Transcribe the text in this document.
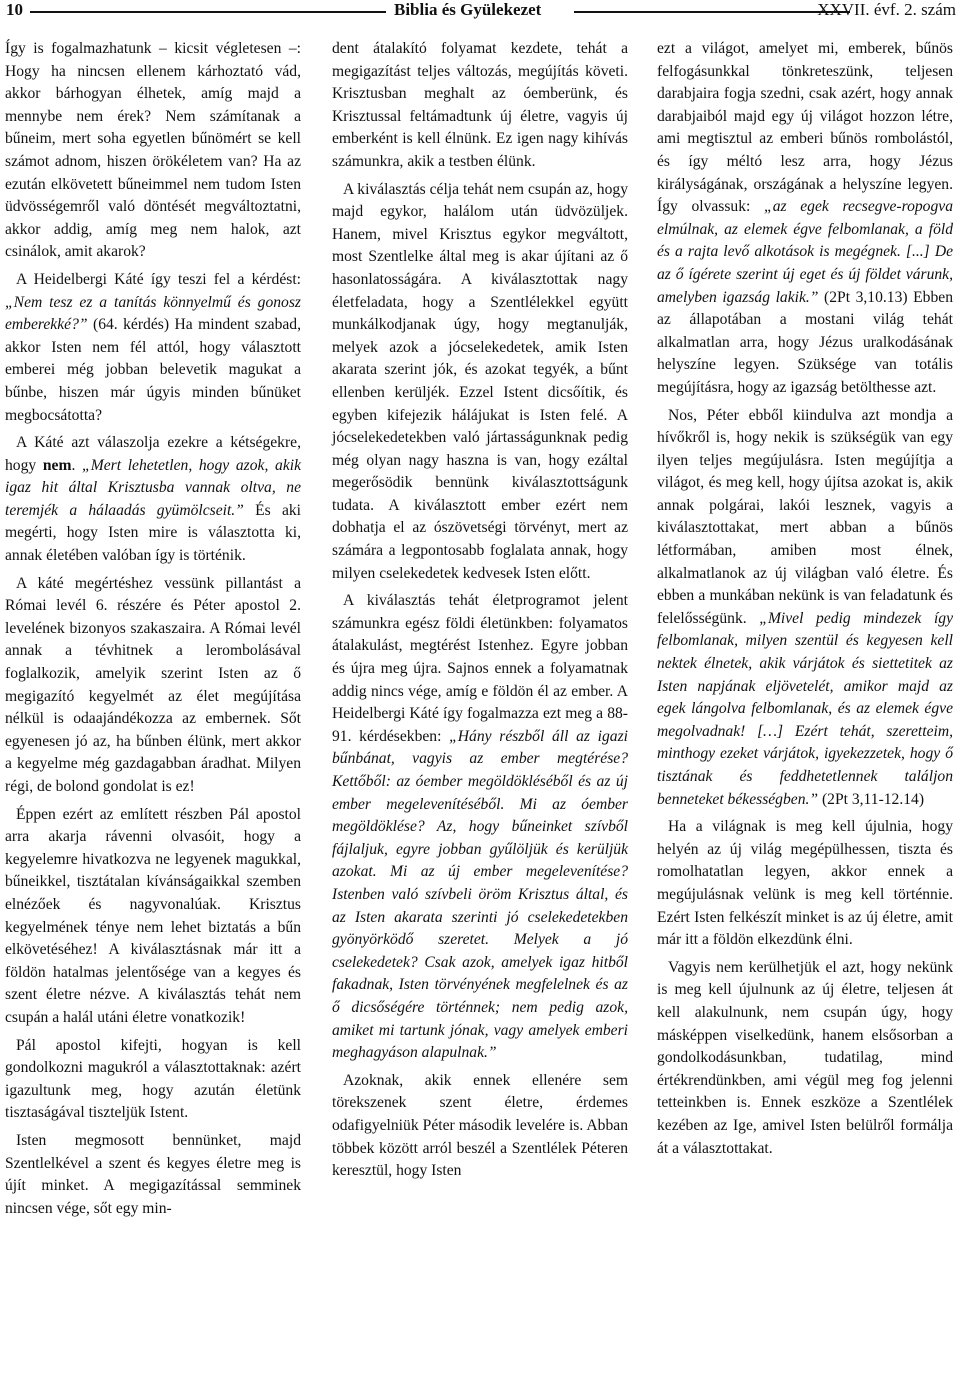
10	Biblia és Gyülekezet	XXVII. évf. 2. szám

Így is fogalmazhatunk – kicsit végletesen –: Hogy ha nincsen ellenem kárhoztató vád, akkor bárhogyan élhetek, amíg majd a mennybe nem érek? Nem számítanak a bűneim, mert soha egyetlen bűnömért se kell számot adnom, hiszen örökéletem van? Ha az ezután elkövetett bűneimmel nem tudom Isten üdvösségemről való döntését megváltoztatni, akkor addig, amíg meg nem halok, azt csinálok, amit akarok?

A Heidelbergi Káté így teszi fel a kérdést: „Nem tesz ez a tanítás könnyelmű és gonosz emberekké?” (64. kérdés) Ha mindent szabad, akkor Isten nem fél attól, hogy választott emberei még jobban belevetik magukat a bűnbe, hiszen már úgyis minden bűnüket megbocsátotta?

A Káté azt válaszolja ezekre a kétségekre, hogy nem. „Mert lehetetlen, hogy azok, akik igaz hit által Krisztusba vannak oltva, ne teremjék a hálaadás gyümölcseit.” És aki megérti, hogy Isten mire is választotta ki, annak életében valóban így is történik.

A káté megértéshez vessünk pillantást a Római levél 6. részére és Péter apostol 2. levelének bizonyos szakaszaira. A Római levél annak a tévhitnek a lerombolásával foglalkozik, amelyik szerint Isten az ő megigazító kegyelmét az élet megújítása nélkül is odaajándékozza az embernek. Sőt egyenesen jó az, ha bűnben élünk, mert akkor a kegyelme még gazdagabban áradhat. Milyen régi, de bolond gondolat is ez!

Éppen ezért az említett részben Pál apostol arra akarja rávenni olvasóit, hogy a kegyelemre hivatkozva ne legyenek magukkal, bűneikkel, tisztátalan kívánságaikkal szemben elnézőek és nagyvonalúak. Krisztus kegyelmének ténye nem lehet biztatás a bűn elkövetéséhez! A kiválasztásnak már itt a földön hatalmas jelentősége van a kegyes és szent életre nézve. A kiválasztás tehát nem csupán a halál utáni életre vonatkozik!

Pál apostol kifejti, hogyan is kell gondolkozni magukról a választottaknak: azért igazultunk meg, hogy azután életünk tisztaságával tiszteljük Istent.

Isten megmosott bennünket, majd Szentlelkével a szent és kegyes életre meg is újít minket. A megigazítással semminek nincsen vége, sőt egy min-

dent átalakító folyamat kezdete, tehát a megigazítást teljes változás, megújítás követi. Krisztusban meghalt az óemberünk, és Krisztussal feltámadtunk új életre, vagyis új emberként is kell élnünk. Ez igen nagy kihívás számunkra, akik a testben élünk.

A kiválasztás célja tehát nem csupán az, hogy majd egykor, halálom után üdvözüljek. Hanem, mivel Krisztus egykor megváltott, most Szentlelke által meg is akar újítani az ő hasonlatosságára. A kiválasztottak nagy életfeladata, hogy a Szentlélekkel együtt munkálkodjanak úgy, hogy megtanulják, melyek azok a jócselekedetek, amik Isten akarata szerint jók, és azokat tegyék, a bűnt ellenben kerüljék. Ezzel Istent dicsőítik, és egyben kifejezik hálájukat is Isten felé. A jócselekedetekben való jártasságunknak pedig még olyan nagy haszna is van, hogy ezáltal megerősödik bennünk kiválasztottságunk tudata. A kiválasztott ember ezért nem dobhatja el az ószövetségi törvényt, mert az számára a legpontosabb foglalata annak, hogy milyen cselekedetek kedvesek Isten előtt.

A kiválasztás tehát életprogramot jelent számunkra egész földi életünkben: folyamatos átalakulást, megtérést Istenhez. Egyre jobban és újra meg újra. Sajnos ennek a folyamatnak addig nincs vége, amíg e földön él az ember. A Heidelbergi Káté így fogalmazza ezt meg a 88-91. kérdésekben: „Hány részből áll az igazi bűnbánat, vagyis az ember megtérése? Kettőből: az óember megöldökléséből és az új ember megelevenítéséből. Mi az óember megöldöklése? Az, hogy bűneinket szívből fájlaljuk, egyre jobban gyűlöljük és kerüljük azokat. Mi az új ember megelevenítése? Istenben való szívbeli öröm Krisztus által, és az Isten akarata szerinti jó cselekedetekben gyönyörködő szeretet. Melyek a jó cselekedetek? Csak azok, amelyek igaz hitből fakadnak, Isten törvényének megfelelnek és az ő dicsőségére történnek; nem pedig azok, amiket mi tartunk jónak, vagy amelyek emberi meghagyáson alapulnak.”

Azoknak, akik ennek ellenére sem törekszenek szent életre, érdemes odafigyelniük Péter második levelére is. Abban többek között arról beszél a Szentlélek Péteren keresztül, hogy Isten

ezt a világot, amelyet mi, emberek, bűnös felfogásunkkal tönkreteszünk, teljesen darabjaira fogja szedni, csak azért, hogy annak darabjaiból majd egy új világot hozzon létre, ami megtisztul az emberi bűnös rombolástól, és így méltó lesz arra, hogy Jézus királyságának, országának a helyszíne legyen. Így olvassuk: „az egek recsegve-ropogva elmúlnak, az elemek égve felbomlanak, a föld és a rajta levő alkotások is megégnek. [...] De az ő ígérete szerint új eget és új földet várunk, amelyben igazság lakik.” (2Pt 3,10.13) Ebben az állapotában a mostani világ tehát alkalmatlan arra, hogy Jézus uralkodásának helyszíne legyen. Szüksége van totális megújításra, hogy az igazság betölthesse azt.

Nos, Péter ebből kiindulva azt mondja a hívőkről is, hogy nekik is szükségük van egy ilyen teljes megújulásra. Isten megújítja a világot, és meg kell, hogy újítsa azokat is, akik annak polgárai, lakói lesznek, vagyis a kiválasztottakat, mert abban a bűnös létformában, amiben most élnek, alkalmatlanok az új világban való életre. És ebben a munkában nekünk is van feladatunk és felelősségünk. „Mivel pedig mindezek így felbomlanak, milyen szentül és kegyesen kell nektek élnetek, akik várjátok és siettetitek az Isten napjának eljövetelét, amikor majd az egek lángolva felbomlanak, és az elemek égve megolvadnak! […] Ezért tehát, szeretteim, minthogy ezeket várjátok, igyekezzetek, hogy ő tisztának és feddhetetlennek találjon benneteket békességben.” (2Pt 3,11-12.14)

Ha a világnak is meg kell újulnia, hogy helyén az új világ megépülhessen, tiszta és romolhatatlan legyen, akkor ennek a megújulásnak velünk is meg kell történnie. Ezért Isten felkészít minket is az új életre, amit már itt a földön elkezdünk élni.

Vagyis nem kerülhetjük el azt, hogy nekünk is meg kell újulnunk az új életre, teljesen át kell alakulnunk, nem csupán úgy, hogy másképpen viselkedünk, hanem elsősorban a gondolkodásunkban, tudatilag, mind értékrendünkben, ami végül meg fog jelenni tetteinkben is. Ennek eszköze a Szentlélek kezében az Ige, amivel Isten belülről formálja át a választottakat.
